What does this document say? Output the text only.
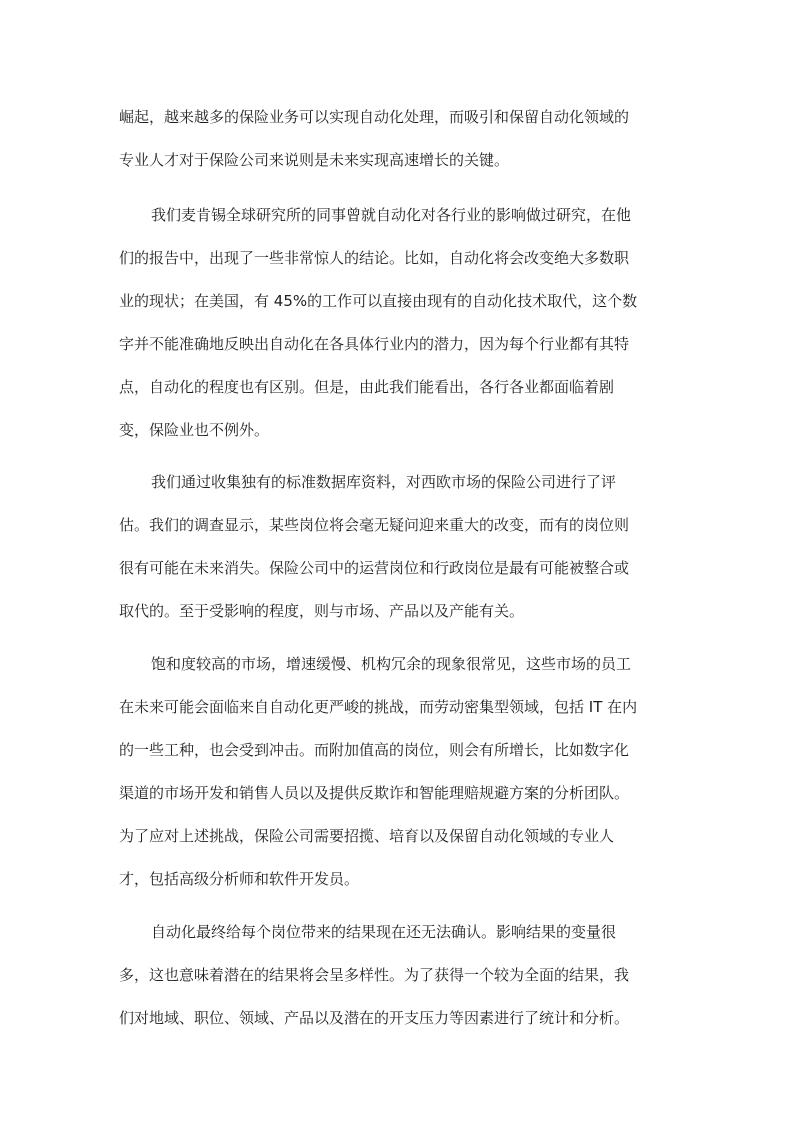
崛起，越来越多的保险业务可以实现自动化处理，而吸引和保留自动化领域的
专业人才对于保险公司来说则是未来实现高速增长的关键。
我们麦肯锡全球研究所的同事曾就自动化对各行业的影响做过研究，在他
们的报告中，出现了一些非常惊人的结论。比如，自动化将会改变绝大多数职
业的现状；在美国，有 45%的工作可以直接由现有的自动化技术取代，这个数
字并不能准确地反映出自动化在各具体行业内的潜力，因为每个行业都有其特
点，自动化的程度也有区别。但是，由此我们能看出，各行各业都面临着剧
变，保险业也不例外。
我们通过收集独有的标准数据库资料，对西欧市场的保险公司进行了评
估。我们的调查显示，某些岗位将会毫无疑问迎来重大的改变，而有的岗位则
很有可能在未来消失。保险公司中的运营岗位和行政岗位是最有可能被整合或
取代的。至于受影响的程度，则与市场、产品以及产能有关。
饱和度较高的市场，增速缓慢、机构冗余的现象很常见，这些市场的员工
在未来可能会面临来自自动化更严峻的挑战，而劳动密集型领域，包括 IT 在内
的一些工种，也会受到冲击。而附加值高的岗位，则会有所增长，比如数字化
渠道的市场开发和销售人员以及提供反欺诈和智能理赔规避方案的分析团队。
为了应对上述挑战，保险公司需要招揽、培育以及保留自动化领域的专业人
才，包括高级分析师和软件开发员。
自动化最终给每个岗位带来的结果现在还无法确认。影响结果的变量很
多，这也意味着潜在的结果将会呈多样性。为了获得一个较为全面的结果，我
们对地域、职位、领域、产品以及潜在的开支压力等因素进行了统计和分析。
